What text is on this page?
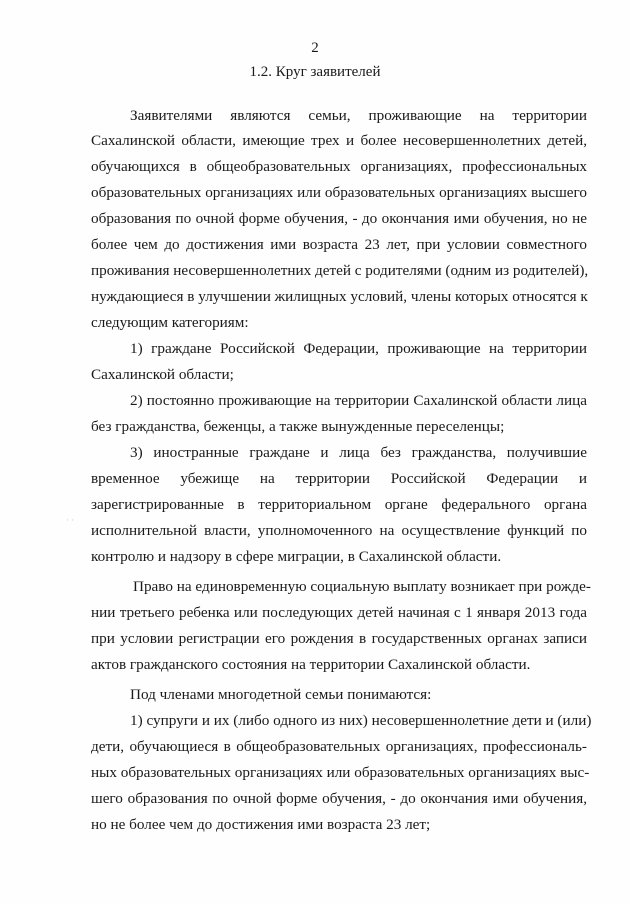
2
1.2. Круг заявителей
Заявителями являются семьи, проживающие на территории
Сахалинской области, имеющие трех и более несовершеннолетних детей,
обучающихся в общеобразовательных организациях, профессиональных
образовательных организациях или образовательных организациях высшего
образования по очной форме обучения, - до окончания ими обучения, но не
более чем до достижения ими возраста 23 лет, при условии совместного
проживания несовершеннолетних детей с родителями (одним из родителей),
нуждающиеся в улучшении жилищных условий, члены которых относятся к
следующим категориям:
1) граждане Российской Федерации, проживающие на территории
Сахалинской области;
2) постоянно проживающие на территории Сахалинской области лица
без гражданства, беженцы, а также вынужденные переселенцы;
3) иностранные граждане и лица без гражданства, получившие
временное убежище на территории Российской Федерации и
зарегистрированные в территориальном органе федерального органа
исполнительной власти, уполномоченного на осуществление функций по
контролю и надзору в сфере миграции, в Сахалинской области.
Право на единовременную социальную выплату возникает при рожде-
нии третьего ребенка или последующих детей начиная с 1 января 2013 года
при условии регистрации его рождения в государственных органах записи
актов гражданского состояния на территории Сахалинской области.
Под членами многодетной семьи понимаются:
1) супруги и их (либо одного из них) несовершеннолетние дети и (или)
дети, обучающиеся в общеобразовательных организациях, профессиональ-
ных образовательных организациях или образовательных организациях выс-
шего образования по очной форме обучения, - до окончания ими обучения,
но не более чем до достижения ими возраста 23 лет;
· ·
